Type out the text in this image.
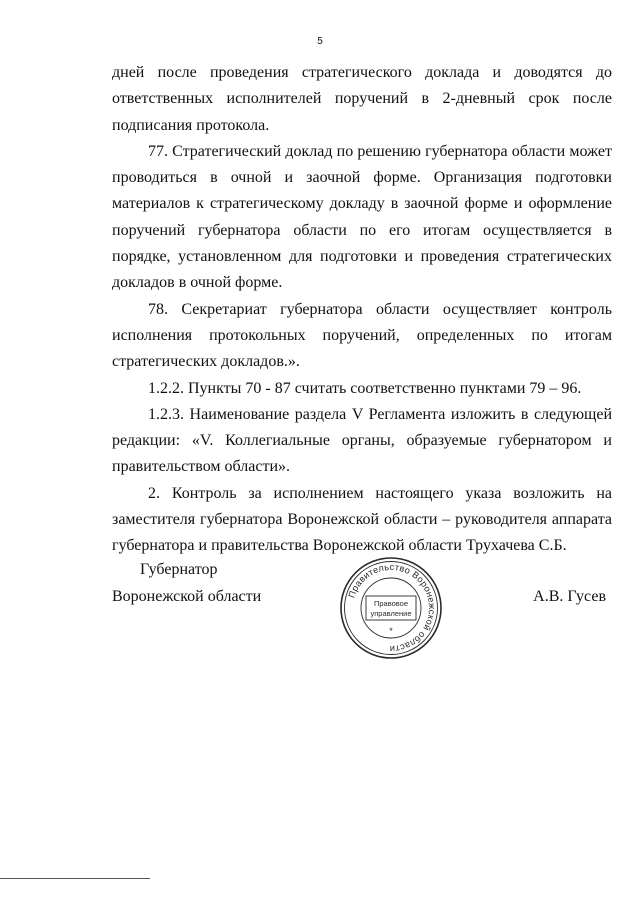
5

дней после проведения стратегического доклада и доводятся до ответственных исполнителей поручений в 2-дневный срок после подписания протокола.

77. Стратегический доклад по решению губернатора области может проводиться в очной и заочной форме. Организация подготовки материалов к стратегическому докладу в заочной форме и оформление поручений губернатора области по его итогам осуществляется в порядке, установленном для подготовки и проведения стратегических докладов в очной форме.

78. Секретариат губернатора области осуществляет контроль исполнения протокольных поручений, определенных по итогам стратегических докладов.».

1.2.2. Пункты 70 - 87 считать соответственно пунктами 79 – 96.

1.2.3. Наименование раздела V Регламента изложить в следующей редакции: «V. Коллегиальные органы, образуемые губернатором и правительством области».

2. Контроль за исполнением настоящего указа возложить на заместителя губернатора Воронежской области – руководителя аппарата губернатора и правительства Воронежской области Трухачева С.Б.

Губернатор
Воронежской области	А.В. Гусев
Правительство Воронежской области
Правовое
управление
*
